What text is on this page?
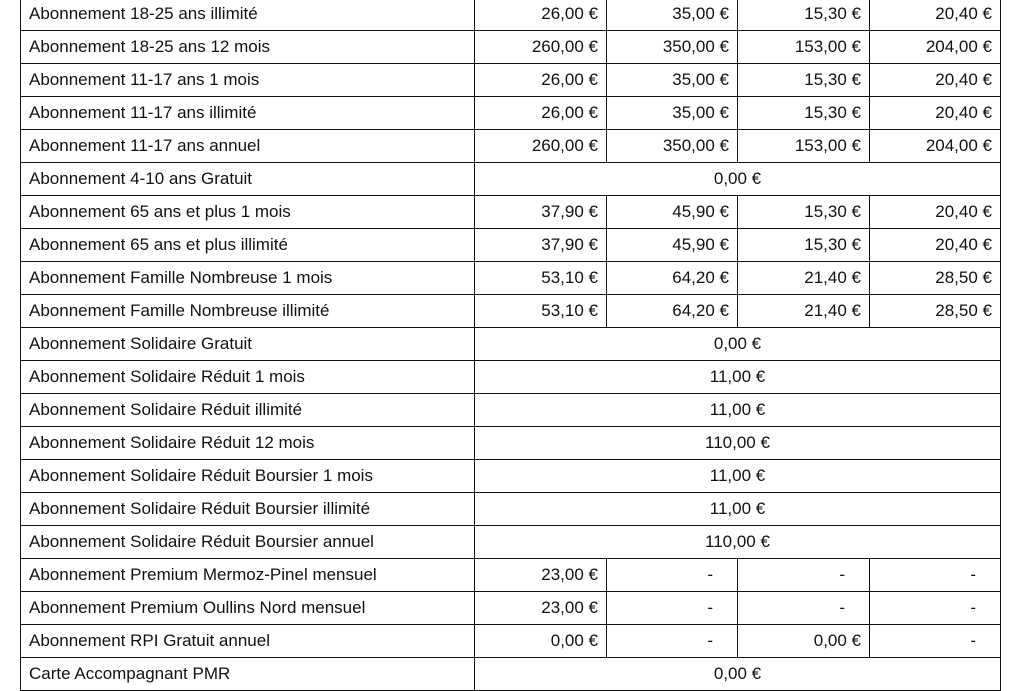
Abonnement 18-25 ans illimité	26,00 €	35,00 €	15,30 €	20,40 €
Abonnement 18-25 ans 12 mois	260,00 €	350,00 €	153,00 €	204,00 €
Abonnement 11-17 ans 1 mois	26,00 €	35,00 €	15,30 €	20,40 €
Abonnement 11-17 ans illimité	26,00 €	35,00 €	15,30 €	20,40 €
Abonnement 11-17 ans annuel	260,00 €	350,00 €	153,00 €	204,00 €
Abonnement 4-10 ans Gratuit	0,00 €			
Abonnement 65 ans et plus 1 mois	37,90 €	45,90 €	15,30 €	20,40 €
Abonnement 65 ans et plus illimité	37,90 €	45,90 €	15,30 €	20,40 €
Abonnement Famille Nombreuse 1 mois	53,10 €	64,20 €	21,40 €	28,50 €
Abonnement Famille Nombreuse illimité	53,10 €	64,20 €	21,40 €	28,50 €
Abonnement Solidaire Gratuit	0,00 €			
Abonnement Solidaire Réduit 1 mois	11,00 €			
Abonnement Solidaire Réduit illimité	11,00 €			
Abonnement Solidaire Réduit 12 mois	110,00 €			
Abonnement Solidaire Réduit Boursier 1 mois	11,00 €			
Abonnement Solidaire Réduit Boursier illimité	11,00 €			
Abonnement Solidaire Réduit Boursier annuel	110,00 €			
Abonnement Premium Mermoz-Pinel mensuel	23,00 €	-	-	-
Abonnement Premium Oullins Nord mensuel	23,00 €	-	-	-
Abonnement RPI Gratuit annuel	0,00 €	-	0,00 €	-
Carte Accompagnant PMR	0,00 €			
